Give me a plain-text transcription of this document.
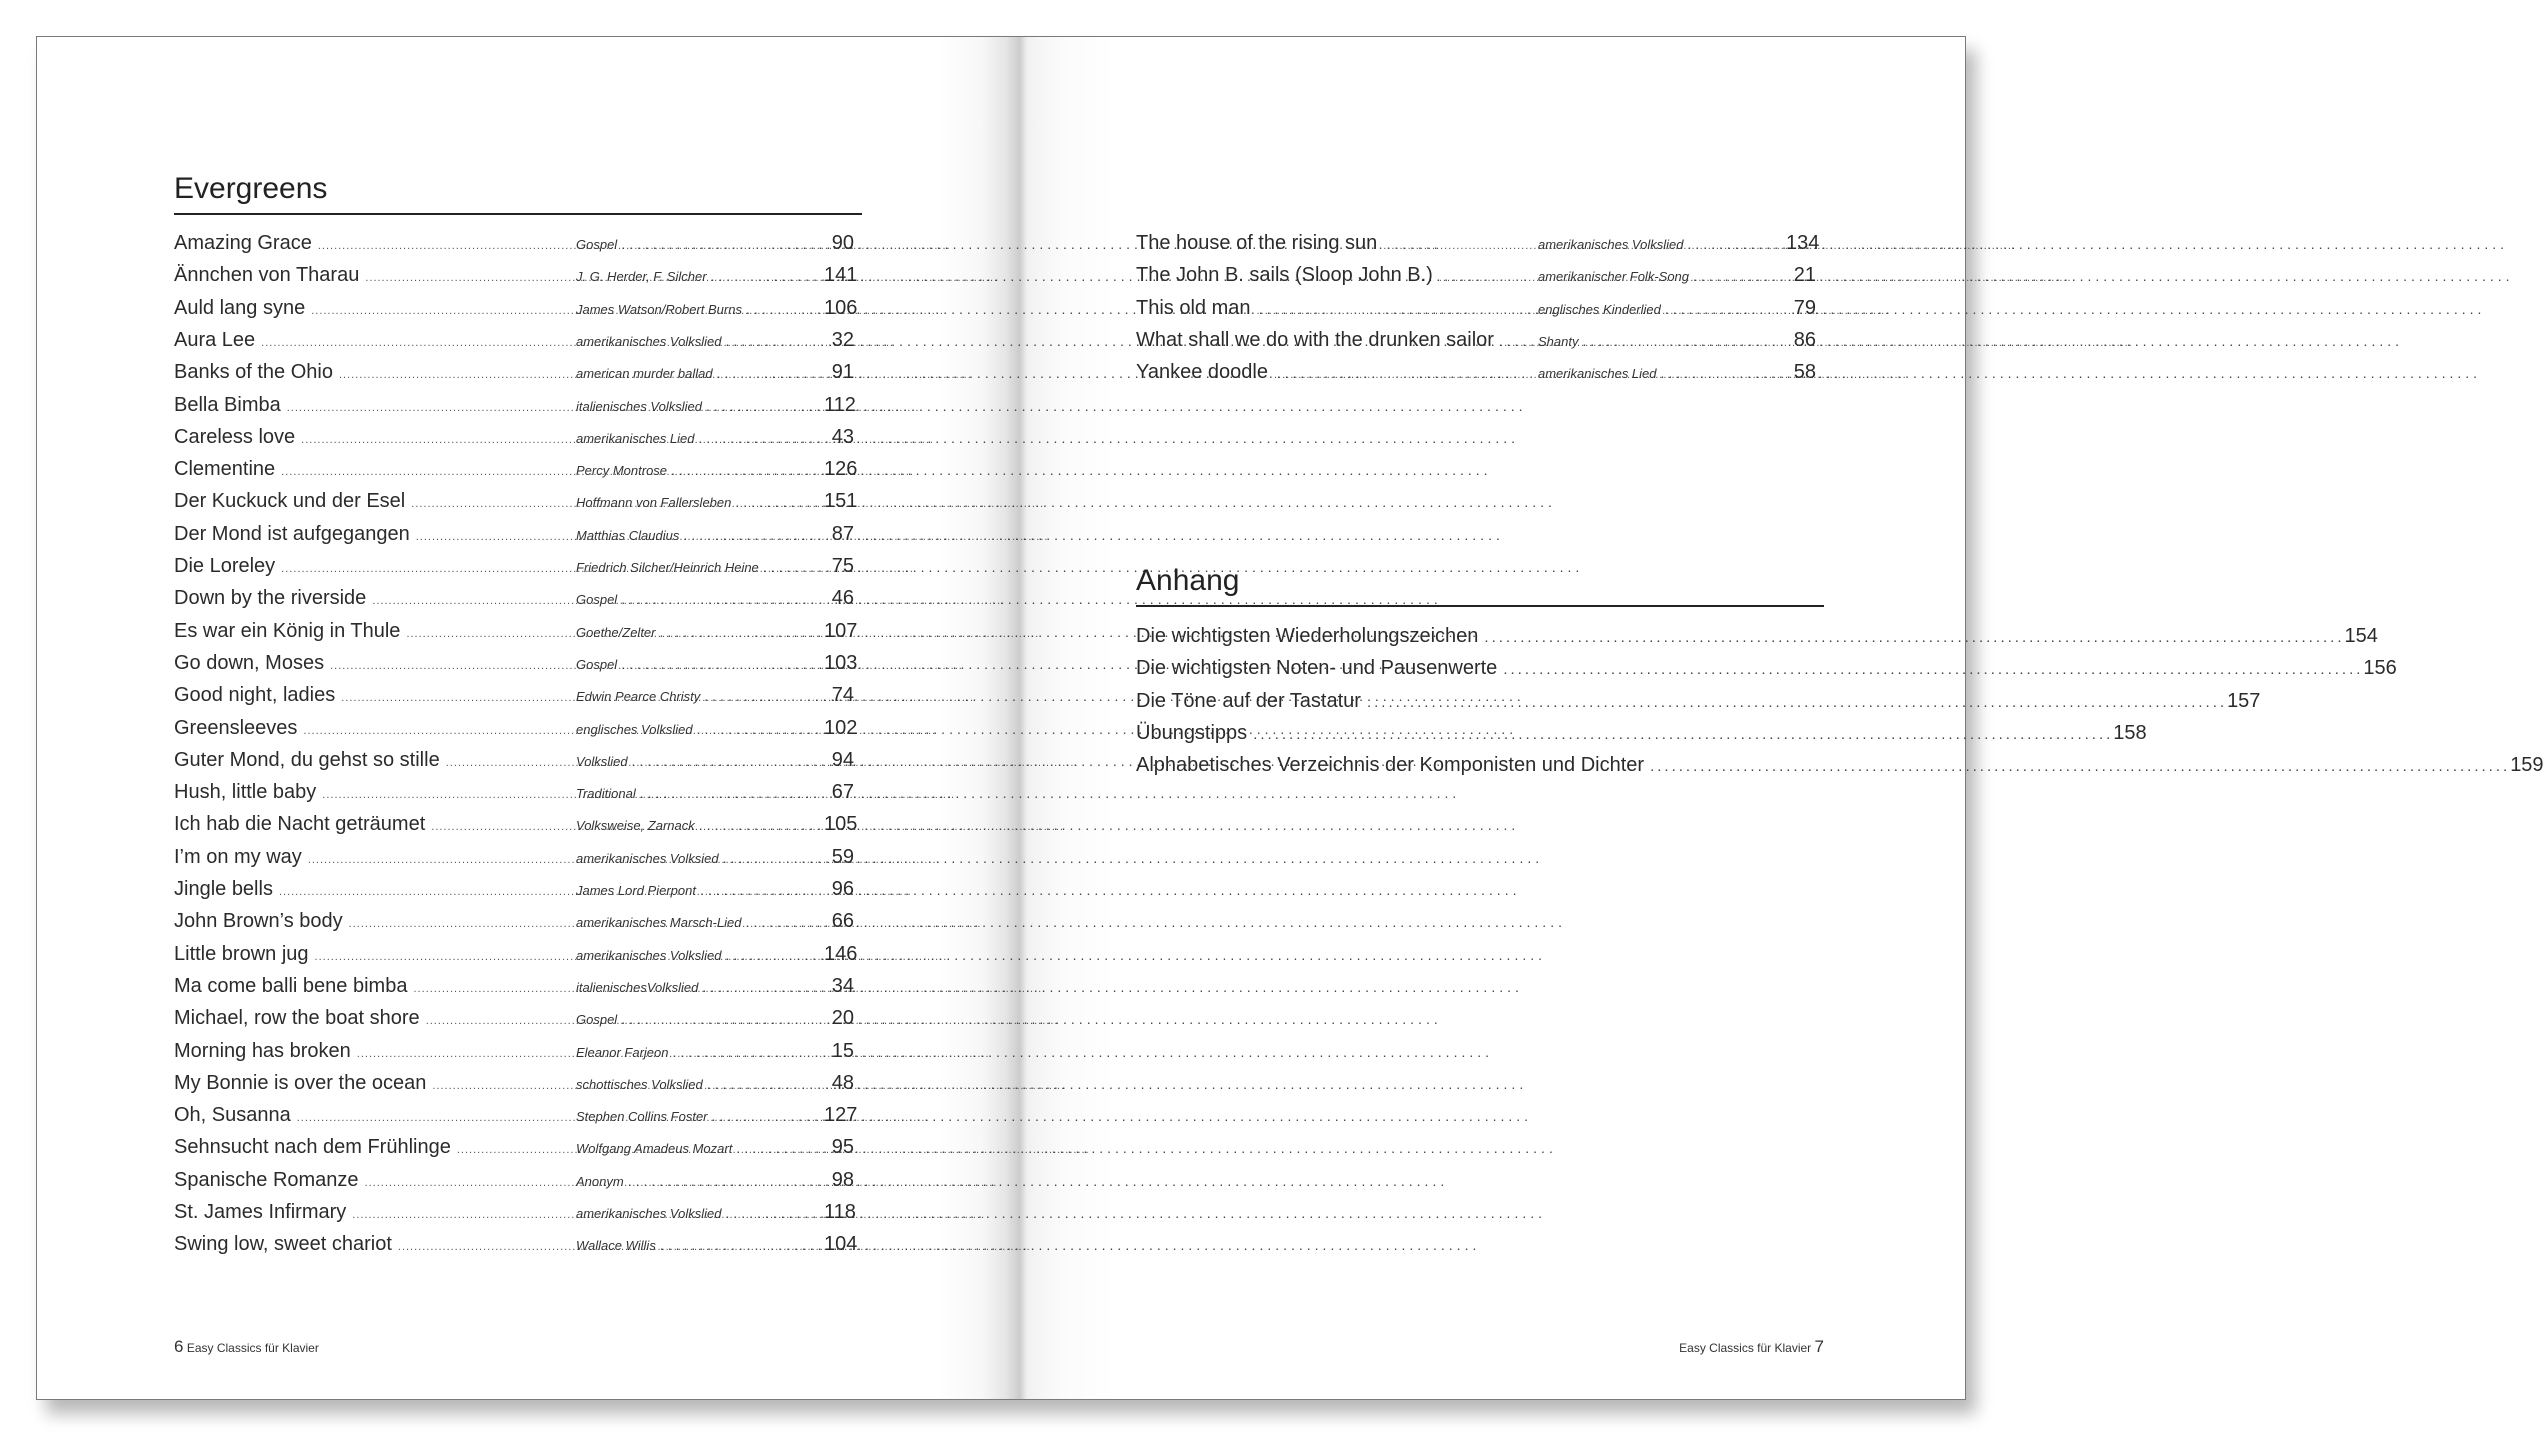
Evergreens
Amazing Grace .....	Gospel .....	90
Ännchen von Tharau .....	J. G. Herder, F. Silcher .....	141
Auld lang syne .....	James Watson/Robert Burns .....	106
Aura Lee .....	amerikanisches Volkslied .....	32
Banks of the Ohio .....	american murder ballad .....	91
Bella Bimba .....	italienisches Volkslied .....	112
Careless love .....	amerikanisches Lied .....	43
Clementine .....	Percy Montrose .....	126
Der Kuckuck und der Esel .....	Hoffmann von Fallersleben .....	151
Der Mond ist aufgegangen .....	Matthias Claudius .....	87
Die Loreley .....	Friedrich Silcher/Heinrich Heine .....	75
Down by the riverside .....	Gospel .....	46
Es war ein König in Thule .....	Goethe/Zelter .....	107
Go down, Moses .....	Gospel .....	103
Good night, ladies .....	Edwin Pearce Christy .....	74
Greensleeves .....	englisches Volkslied .....	102
Guter Mond, du gehst so stille .....	Volkslied .....	94
Hush, little baby .....	Traditional .....	67
Ich hab die Nacht geträumet .....	Volksweise, Zarnack .....	105
I’m on my way .....	amerikanisches Volksied .....	59
Jingle bells .....	James Lord Pierpont .....	96
John Brown’s body .....	amerikanisches Marsch-Lied .....	66
Little brown jug .....	amerikanisches Volkslied .....	146
Ma come balli bene bimba .....	italienischesVolkslied .....	34
Michael, row the boat shore .....	Gospel .....	20
Morning has broken .....	Eleanor Farjeon .....	15
My Bonnie is over the ocean .....	schottisches Volkslied .....	48
Oh, Susanna .....	Stephen Collins Foster .....	127
Sehnsucht nach dem Frühlinge .....	Wolfgang Amadeus Mozart .....	95
Spanische Romanze .....	Anonym .....	98
St. James Infirmary .....	amerikanisches Volkslied .....	118
Swing low, sweet chariot .....	Wallace Willis .....	104
6 Easy Classics für Klavier
The house of the rising sun .....	amerikanisches Volkslied .....	134
The John B. sails (Sloop John B.) .....	amerikanischer Folk-Song .....	21
This old man .....	englisches Kinderlied .....	79
What shall we do with the drunken sailor .....	Shanty .....	86
Yankee doodle .....	amerikanisches Lied .....	58
Anhang
Die wichtigsten Wiederholungszeichen .....	154
Die wichtigsten Noten- und Pausenwerte .....	156
Die Töne auf der Tastatur .....	157
Übungstipps .....	158
Alphabetisches Verzeichnis der Komponisten und Dichter .....	159
Easy Classics für Klavier 7
